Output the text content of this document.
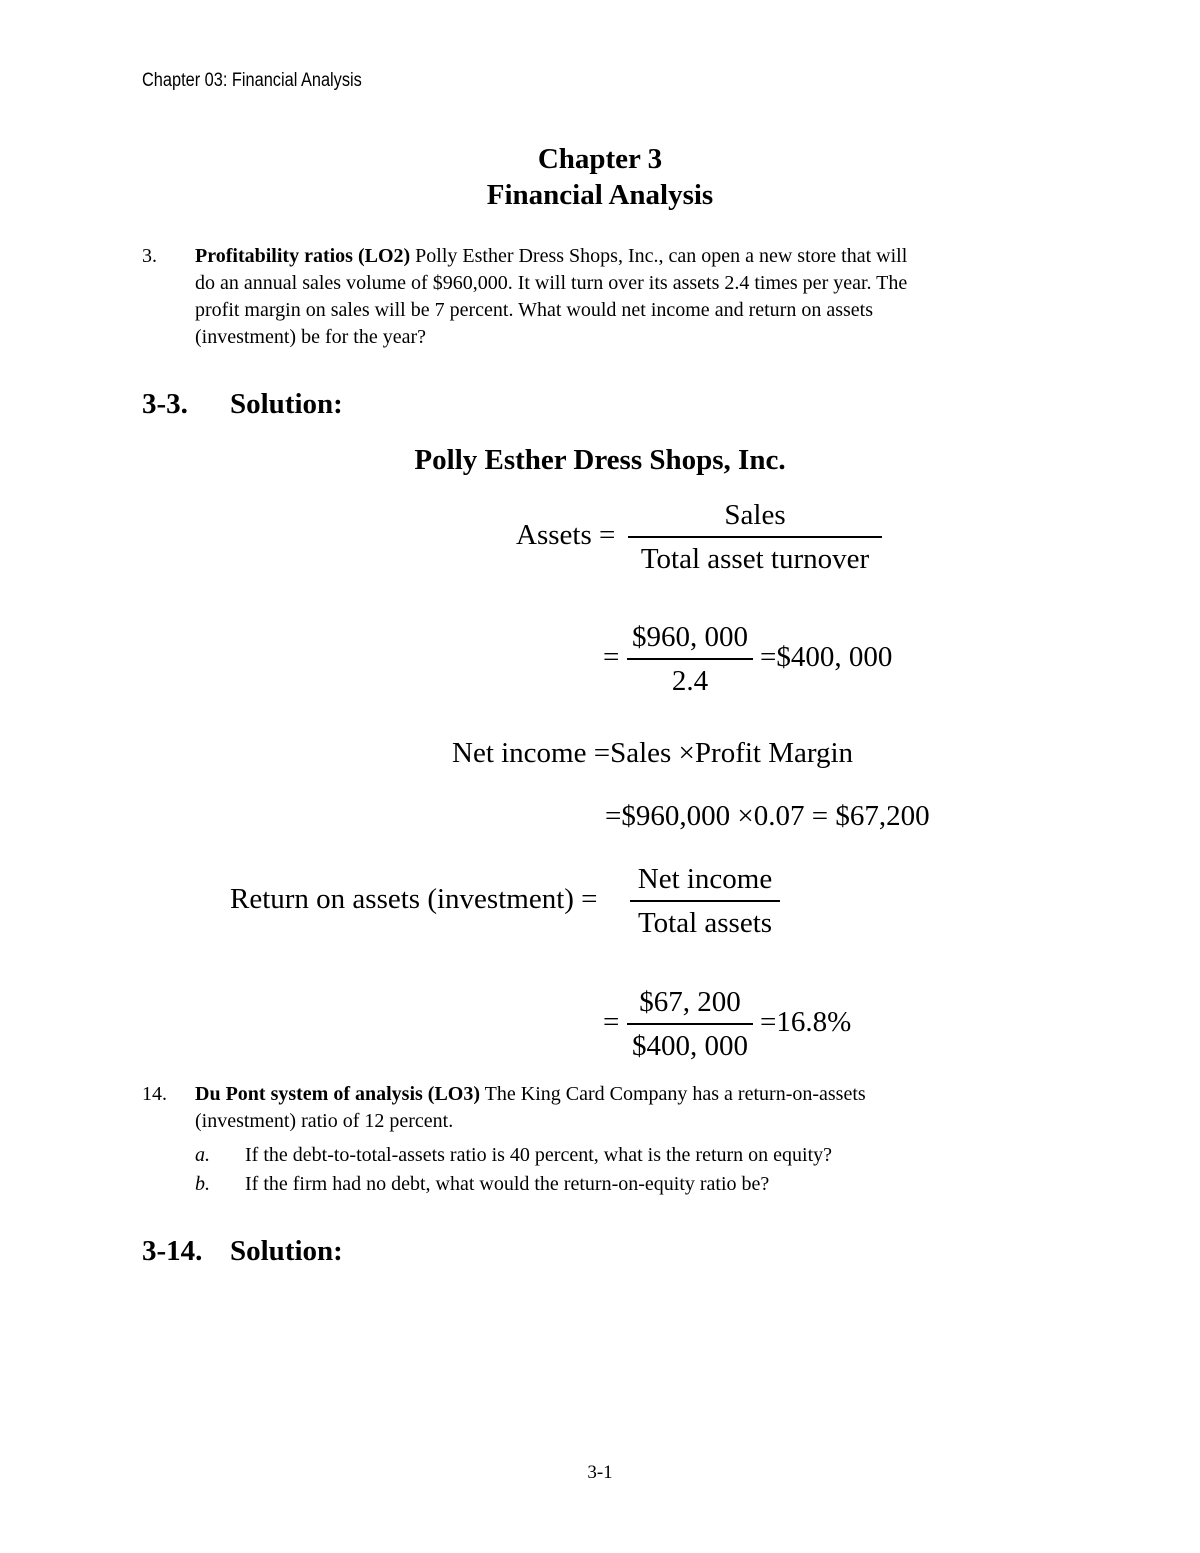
Chapter 03: Financial Analysis
Chapter 3
Financial Analysis
3. Profitability ratios (LO2) Polly Esther Dress Shops, Inc., can open a new store that will
do an annual sales volume of $960,000. It will turn over its assets 2.4 times per year. The
profit margin on sales will be 7 percent. What would net income and return on assets
(investment) be for the year?
3-3. Solution:
Polly Esther Dress Shops, Inc.
Assets =
Sales
Total asset turnover
=
$960, 000
2.4
=$400, 000
Net income =Sales ×Profit Margin
=$960,000 ×0.07 = $67,200
Return on assets (investment) =
Net income
Total assets
=
$67, 200
$400, 000
=16.8%
14. Du Pont system of analysis (LO3) The King Card Company has a return-on-assets
(investment) ratio of 12 percent.
a. If the debt-to-total-assets ratio is 40 percent, what is the return on equity?
b. If the firm had no debt, what would the return-on-equity ratio be?
3-14. Solution:
3-1
